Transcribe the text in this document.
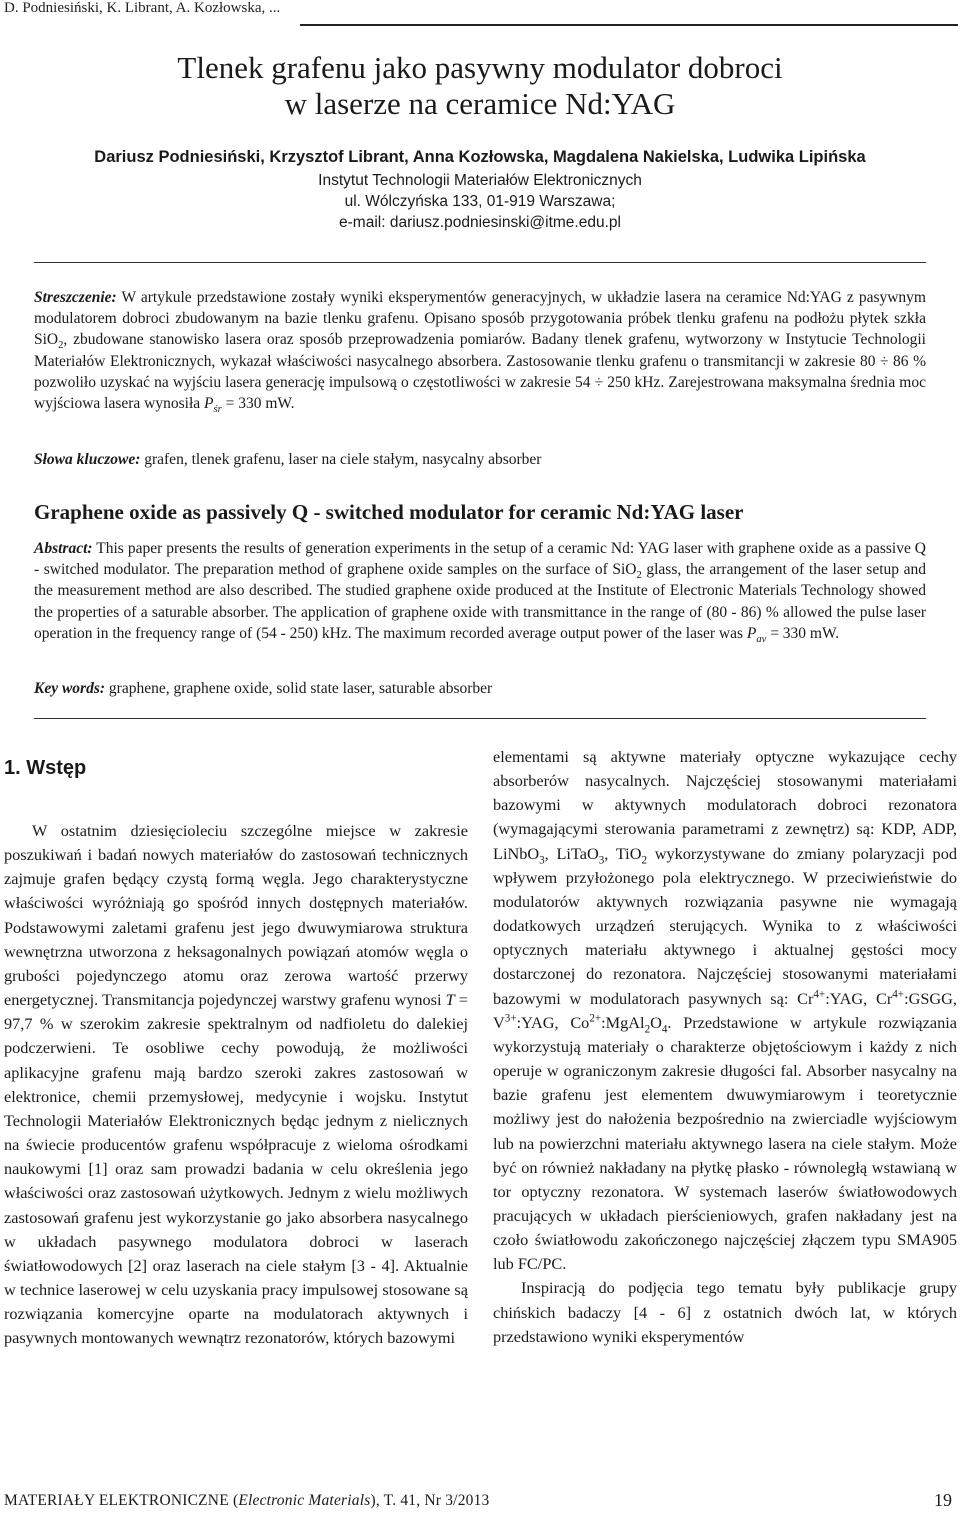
D. Podniesiński, K. Librant, A. Kozłowska, ...
Tlenek grafenu jako pasywny modulator dobroci
w laserze na ceramice Nd:YAG
Dariusz Podniesiński, Krzysztof Librant, Anna Kozłowska, Magdalena Nakielska, Ludwika Lipińska
Instytut Technologii Materiałów Elektronicznych
ul. Wólczyńska 133, 01-919 Warszawa;
e-mail: dariusz.podniesinski@itme.edu.pl
Streszczenie: W artykule przedstawione zostały wyniki eksperymentów generacyjnych, w układzie lasera na ceramice Nd:YAG z pasywnym modulatorem dobroci zbudowanym na bazie tlenku grafenu. Opisano sposób przygotowania próbek tlenku grafenu na podłożu płytek szkła SiO$_2$, zbudowane stanowisko lasera oraz sposób przeprowadzenia pomiarów. Badany tlenek grafenu, wytworzony w Instytucie Technologii Materiałów Elektronicznych, wykazał właściwości nasycalnego absorbera. Zastosowanie tlenku grafenu o transmitancji w zakresie 80 ÷ 86 % pozwoliło uzyskać na wyjściu lasera generację impulsową o częstotliwości w zakresie 54 ÷ 250 kHz. Zarejestrowana maksymalna średnia moc wyjściowa lasera wynosiła $P_{śr} = 330$ mW.
Słowa kluczowe: grafen, tlenek grafenu, laser na ciele stałym, nasycalny absorber
Graphene oxide as passively Q - switched modulator for ceramic Nd:YAG laser
Abstract: This paper presents the results of generation experiments in the setup of a ceramic Nd: YAG laser with graphene oxide as a passive Q - switched modulator. The preparation method of graphene oxide samples on the surface of SiO$_2$ glass, the arrangement of the laser setup and the measurement method are also described. The studied graphene oxide produced at the Institute of Electronic Materials Technology showed the properties of a saturable absorber. The application of graphene oxide with transmittance in the range of (80 - 86) % allowed the pulse laser operation in the frequency range of (54 - 250) kHz. The maximum recorded average output power of the laser was $P_{av} = 330$ mW.
Key words: graphene, graphene oxide, solid state laser, saturable absorber
1. Wstęp
W ostatnim dziesięcioleciu szczególne miejsce w zakresie poszukiwań i badań nowych materiałów do zastosowań technicznych zajmuje grafen będący czystą formą węgla. Jego charakterystyczne właściwości wyróżniają go spośród innych dostępnych materiałów. Podstawowymi zaletami grafenu jest jego dwuwymiarowa struktura wewnętrzna utworzona z heksagonalnych powiązań atomów węgla o grubości pojedynczego atomu oraz zerowa wartość przerwy energetycznej. Transmitancja pojedynczej warstwy grafenu wynosi T = 97,7 % w szerokim zakresie spektralnym od nadfioletu do dalekiej podczerwieni. Te osobliwe cechy powodują, że możliwości aplikacyjne grafenu mają bardzo szeroki zakres zastosowań w elektronice, chemii przemysłowej, medycynie i wojsku. Instytut Technologii Materiałów Elektronicznych będąc jednym z nielicznych na świecie producentów grafenu współpracuje z wieloma ośrodkami naukowymi [1] oraz sam prowadzi badania w celu określenia jego właściwości oraz zastosowań użytkowych. Jednym z wielu możliwych zastosowań grafenu jest wykorzystanie go jako absorbera nasycalnego w układach pasywnego modulatora dobroci w laserach światłowodowych [2] oraz laserach na ciele stałym [3 - 4]. Aktualnie w technice laserowej w celu uzyskania pracy impulsowej stosowane są rozwiązania komercyjne oparte na modulatorach aktywnych i pasywnych montowanych wewnątrz rezonatorów, których bazowymi

elementami są aktywne materiały optyczne wykazujące cechy absorberów nasycalnych. Najczęściej stosowanymi materiałami bazowymi w aktywnych modulatorach dobroci rezonatora (wymagającymi sterowania parametrami z zewnętrz) są: KDP, ADP, LiNbO$_3$, LiTaO$_3$, TiO$_2$ wykorzystywane do zmiany polaryzacji pod wpływem przyłożonego pola elektrycznego. W przeciwieństwie do modulatorów aktywnych rozwiązania pasywne nie wymagają dodatkowych urządzeń sterujących. Wynika to z właściwości optycznych materiału aktywnego i aktualnej gęstości mocy dostarczonej do rezonatora. Najczęściej stosowanymi materiałami bazowymi w modulatorach pasywnych są: $Cr^{4+}:YAG$, $Cr^{4+}:GSGG$, $V^{3+}:YAG$, $Co^{2+}:MgAl_2O_4$. Przedstawione w artykule rozwiązania wykorzystują materiały o charakterze objętościowym i każdy z nich operuje w ograniczonym zakresie długości fal. Absorber nasycalny na bazie grafenu jest elementem dwuwymiarowym i teoretycznie możliwy jest do nałożenia bezpośrednio na zwierciadle wyjściowym lub na powierzchni materiału aktywnego lasera na ciele stałym. Może być on również nakładany na płytkę płasko - równoległą wstawianą w tor optyczny rezonatora. W systemach laserów światłowodowych pracujących w układach pierścieniowych, grafen nakładany jest na czoło światłowodu zakończonego najczęściej złączem typu SMA905 lub FC/PC.

Inspiracją do podjęcia tego tematu były publikacje grupy chińskich badaczy [4 - 6] z ostatnich dwóch lat, w których przedstawiono wyniki eksperymentów

MATERIAŁY ELEKTRONICZNE (Electronic Materials), T. 41, Nr 3/2013	19
